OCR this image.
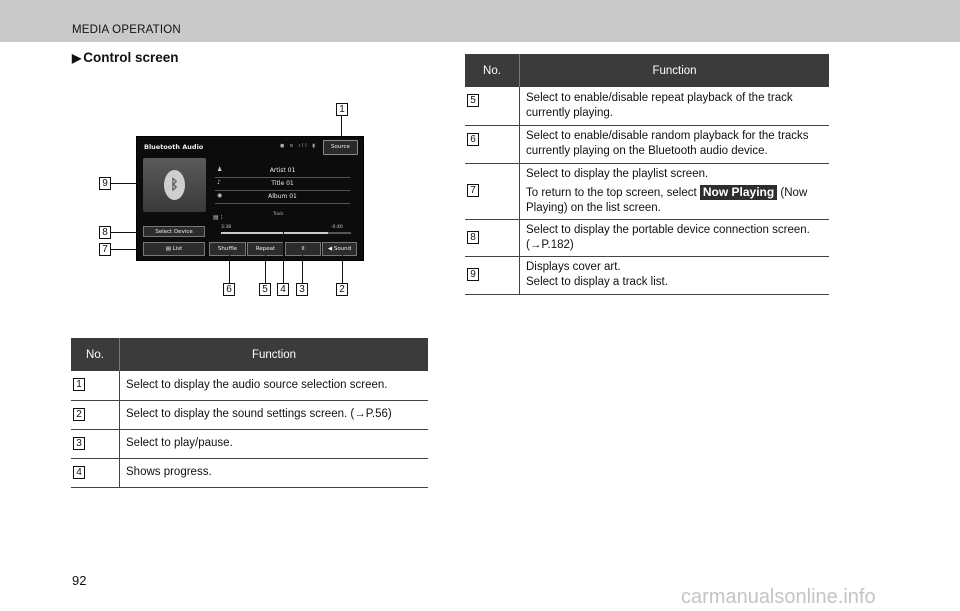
MEDIA OPERATION
▶ Control screen
Bluetooth Audio	● ʙ ıll ▮	Source
ᛒ
♟	Artist 01
♪	Title 01
◉	Album 01
Track
▤ ⁝
Select Device
3:38	-0:40
▤ List	Shuffle	Repeat	II	◀ Sound
1
9
8
7
6	5	4	3	2
No.	Function

1	Select to display the audio source selection screen.

2	Select to display the sound settings screen. (→P.56)

3	Select to play/pause.

4	Shows progress.
No.	Function

5	Select to enable/disable repeat playback of the track currently playing.

6	Select to enable/disable random playback for the tracks currently playing on the Bluetooth audio device.

7	Select to display the playlist screen.
To return to the top screen, select Now Playing (Now Playing) on the list screen.

8	Select to display the portable device connection screen. (→P.182)

9	Displays cover art.
Select to display a track list.
92
carmanualsonline.info
